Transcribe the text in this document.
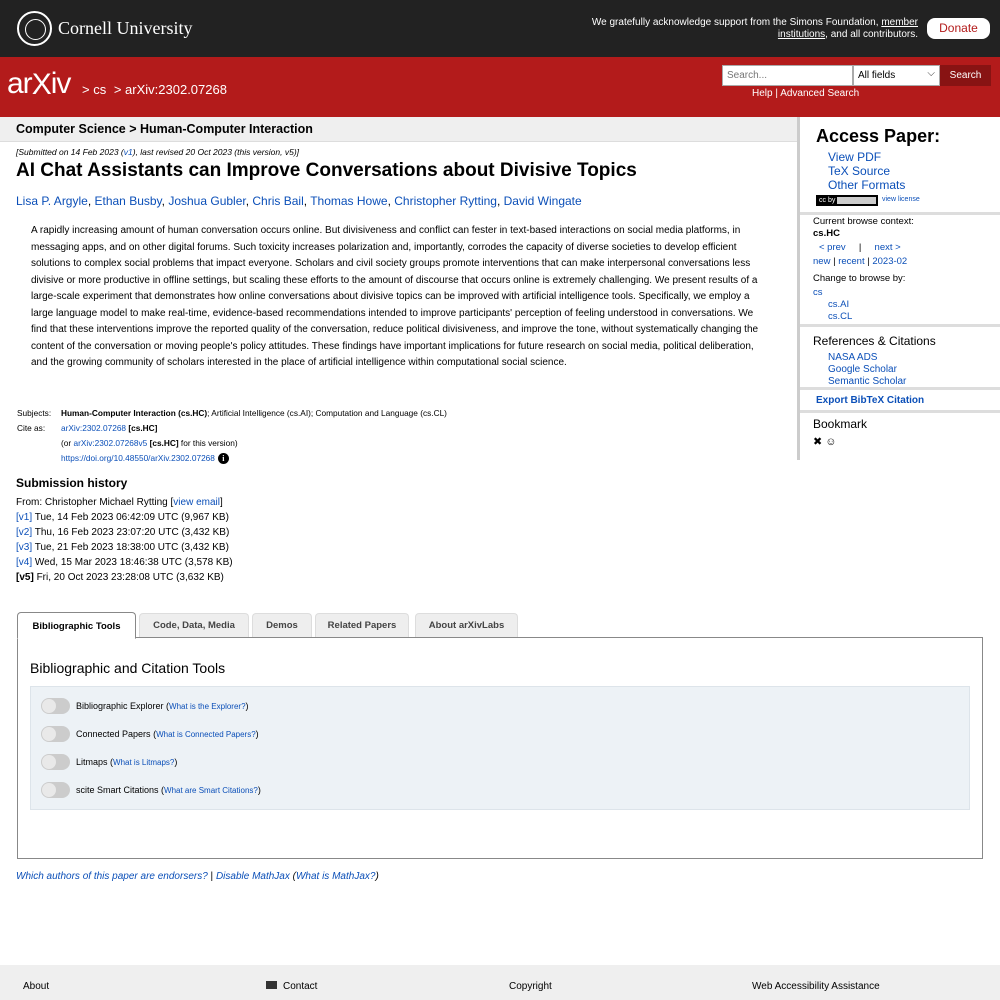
Cornell University	We gratefully acknowledge support from the Simons Foundation, member institutions, and all contributors.	Donate
arXiv > cs > arXiv:2302.07268
Search...
All fields	⌵	Search
Help | Advanced Search
Computer Science > Human-Computer Interaction
[Submitted on 14 Feb 2023 (v1), last revised 20 Oct 2023 (this version, v5)]
AI Chat Assistants can Improve Conversations about Divisive Topics
Lisa P. Argyle, Ethan Busby, Joshua Gubler, Chris Bail, Thomas Howe, Christopher Rytting, David Wingate
A rapidly increasing amount of human conversation occurs online. But divisiveness and conflict can fester in text-based interactions on social media platforms, in messaging apps, and on other digital forums. Such toxicity increases polarization and, importantly, corrodes the capacity of diverse societies to develop efficient solutions to complex social problems that impact everyone. Scholars and civil society groups promote interventions that can make interpersonal conversations less divisive or more productive in offline settings, but scaling these efforts to the amount of discourse that occurs online is extremely challenging. We present results of a large-scale experiment that demonstrates how online conversations about divisive topics can be improved with artificial intelligence tools. Specifically, we employ a large language model to make real-time, evidence-based recommendations intended to improve participants' perception of feeling understood in conversations. We find that these interventions improve the reported quality of the conversation, reduce political divisiveness, and improve the tone, without systematically changing the content of the conversation or moving people's policy attitudes. These findings have important implications for future research on social media, political deliberation, and the growing community of scholars interested in the place of artificial intelligence within computational social science.
Subjects:	Human-Computer Interaction (cs.HC); Artificial Intelligence (cs.AI); Computation and Language (cs.CL)
Cite as:	arXiv:2302.07268 [cs.HC]
	(or arXiv:2302.07268v5 [cs.HC] for this version)
	https://doi.org/10.48550/arXiv.2302.07268 i
Submission history
From: Christopher Michael Rytting [view email]
[v1] Tue, 14 Feb 2023 06:42:09 UTC (9,967 KB)
[v2] Thu, 16 Feb 2023 23:07:20 UTC (3,432 KB)
[v3] Tue, 21 Feb 2023 18:38:00 UTC (3,432 KB)
[v4] Wed, 15 Mar 2023 18:46:38 UTC (3,578 KB)
[v5] Fri, 20 Oct 2023 23:28:08 UTC (3,632 KB)
Bibliographic Tools	Code, Data, Media	Demos	Related Papers	About arXivLabs
Bibliographic and Citation Tools
Bibliographic Explorer (What is the Explorer?)
Connected Papers (What is Connected Papers?)
Litmaps (What is Litmaps?)
scite Smart Citations (What are Smart Citations?)
Which authors of this paper are endorsers? | Disable MathJax (What is MathJax?)
Access Paper:
View PDF
TeX Source
Other Formats
cc by	view license
Current browse context:
cs.HC
< prev | next >
new | recent | 2023-02
Change to browse by:
cs
cs.AI
cs.CL
References & Citations
NASA ADS
Google Scholar
Semantic Scholar
Export BibTeX Citation
Bookmark
✖ ☺
About	Contact	Copyright	Web Accessibility Assistance
